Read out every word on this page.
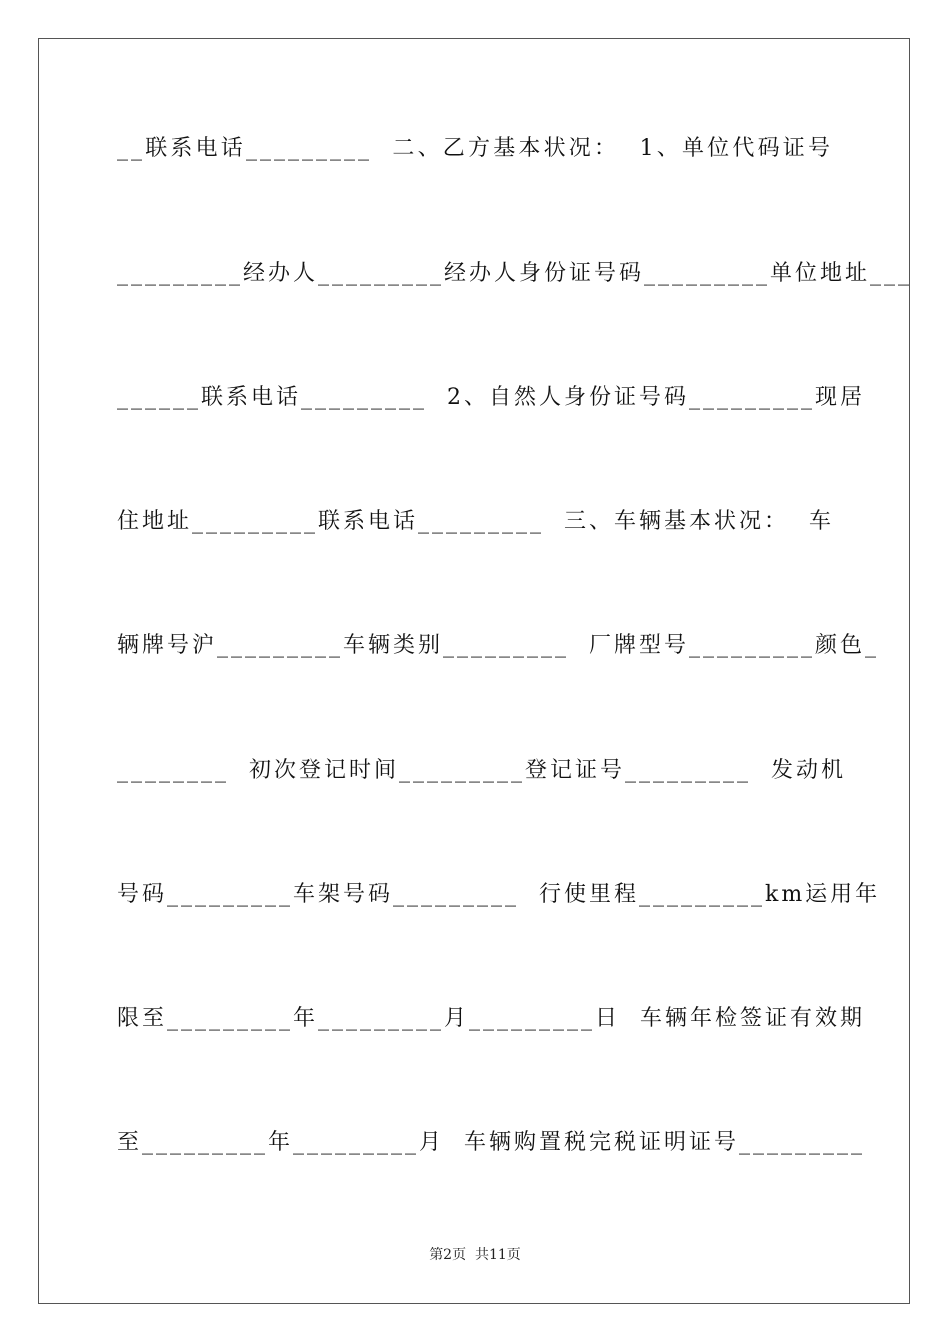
__联系电话_________  二、乙方基本状况：  1、单位代码证号
_________经办人_________经办人身份证号码_________单位地址___
______联系电话_________  2、自然人身份证号码_________现居
住地址_________联系电话_________  三、车辆基本状况：  车
辆牌号沪_________车辆类别_________  厂牌型号_________颜色_
________  初次登记时间_________登记证号_________  发动机
号码_________车架号码_________  行使里程_________km运用年
限至_________年_________月_________日  车辆年检签证有效期
至_________年_________月  车辆购置税完税证明证号_________
第2页  共11页
